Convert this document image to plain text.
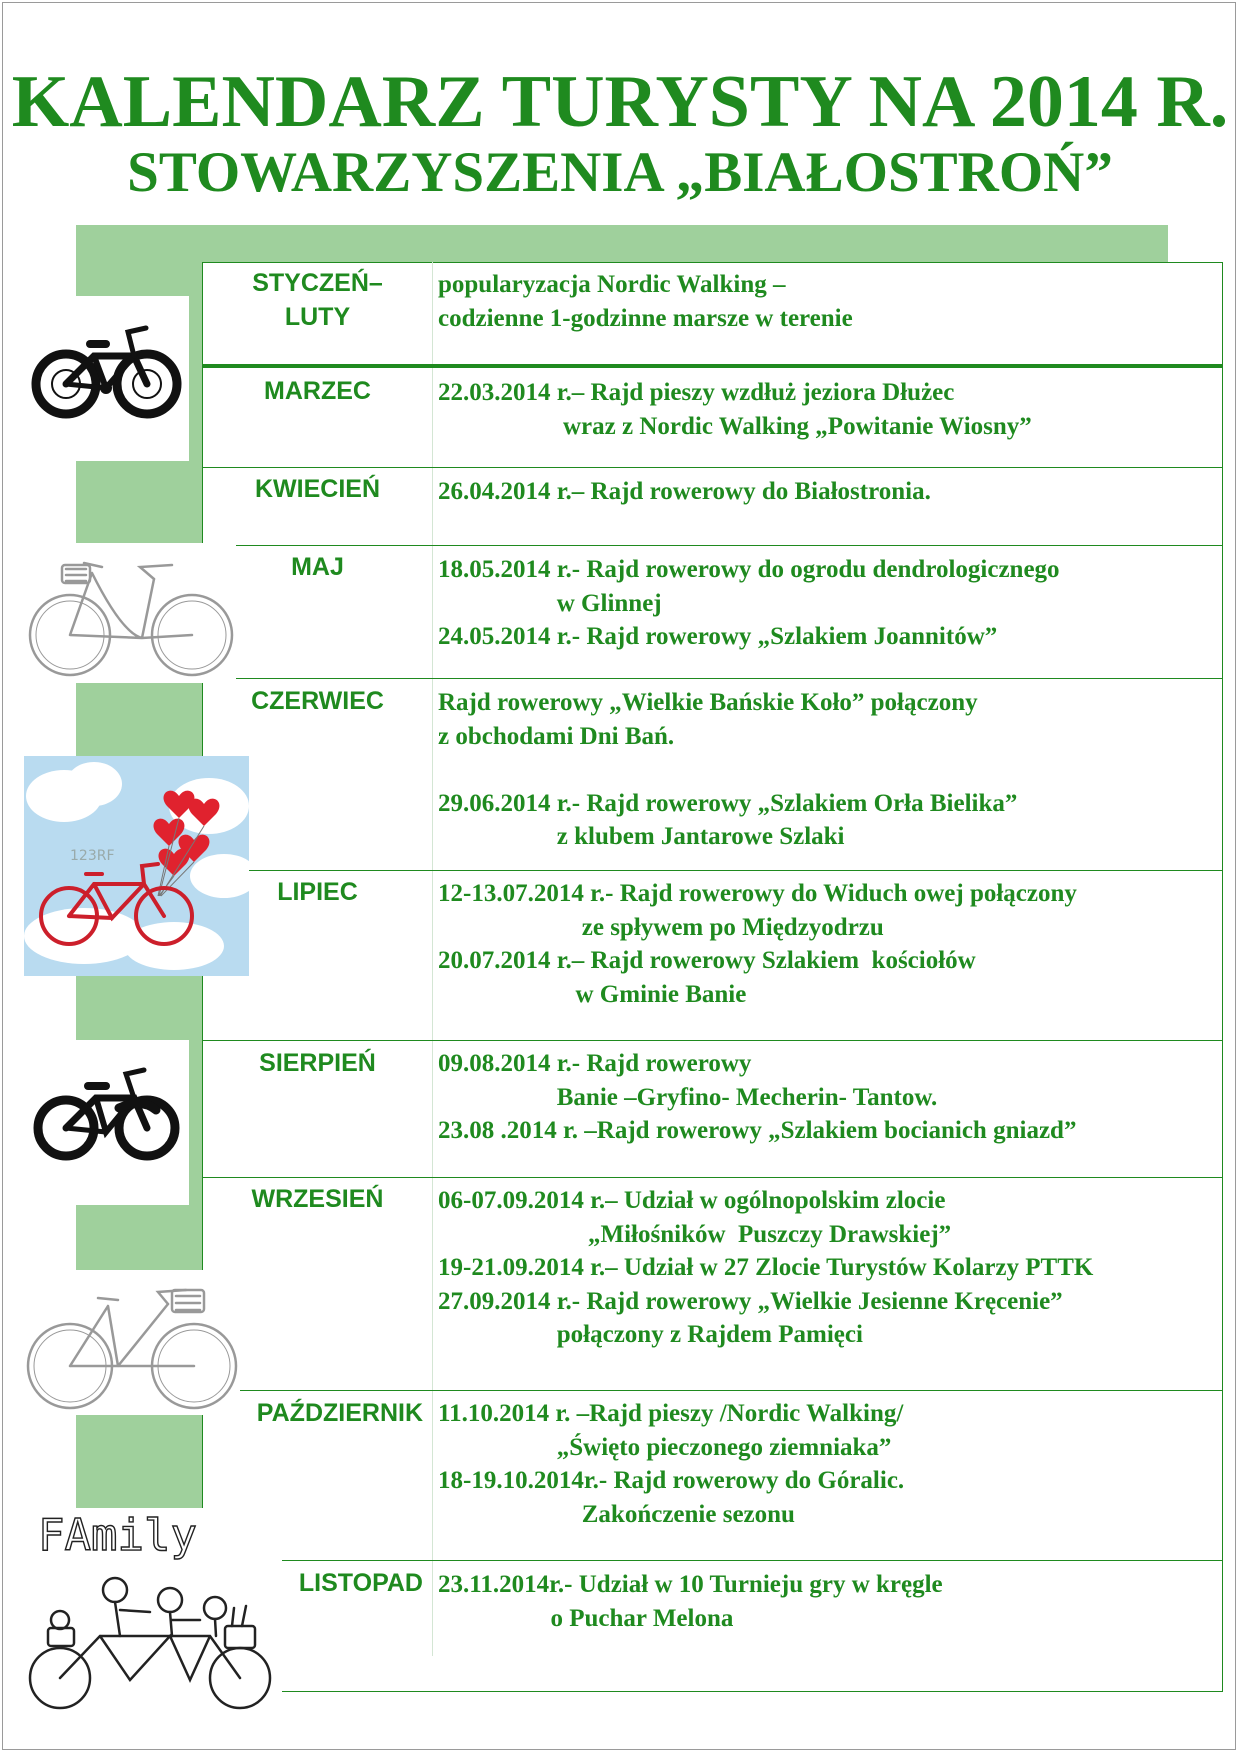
KALENDARZ TURYSTY NA 2014 R.
STOWARZYSZENIA „BIAŁOSTROŃ”
STYCZEŃ–
LUTY
MARZEC
KWIECIEŃ
MAJ
CZERWIEC
LIPIEC
SIERPIEŃ
WRZESIEŃ
PAŹDZIERNIK
LISTOPAD
popularyzacja Nordic Walking –
codzienne 1-godzinne marsze w terenie
22.03.2014 r.– Rajd pieszy wzdłuż jeziora Dłużec
wraz z Nordic Walking „Powitanie Wiosny”
26.04.2014 r.– Rajd rowerowy do Białostronia.
18.05.2014 r.- Rajd rowerowy do ogrodu dendrologicznego
w Glinnej
24.05.2014 r.- Rajd rowerowy „Szlakiem Joannitów”
Rajd rowerowy „Wielkie Bańskie Koło” połączony
z obchodami Dni Bań.
29.06.2014 r.- Rajd rowerowy „Szlakiem Orła Bielika”
z klubem Jantarowe Szlaki
12-13.07.2014 r.- Rajd rowerowy do Widuch owej połączony
ze spływem po Międzyodrzu
20.07.2014 r.– Rajd rowerowy Szlakiem  kościołów
w Gminie Banie
09.08.2014 r.- Rajd rowerowy
Banie –Gryfino- Mecherin- Tantow.
23.08 .2014 r. –Rajd rowerowy „Szlakiem bocianich gniazd”
06-07.09.2014 r.– Udział w ogólnopolskim zlocie
„Miłośników  Puszczy Drawskiej”
19-21.09.2014 r.– Udział w 27 Zlocie Turystów Kolarzy PTTK
27.09.2014 r.- Rajd rowerowy „Wielkie Jesienne Kręcenie”
połączony z Rajdem Pamięci
11.10.2014 r. –Rajd pieszy /Nordic Walking/
„Święto pieczonego ziemniaka”
18-19.10.2014r.- Rajd rowerowy do Góralic.
Zakończenie sezonu
23.11.2014r.- Udział w 10 Turnieju gry w kręgle
o Puchar Melona
123RF
FAmily
